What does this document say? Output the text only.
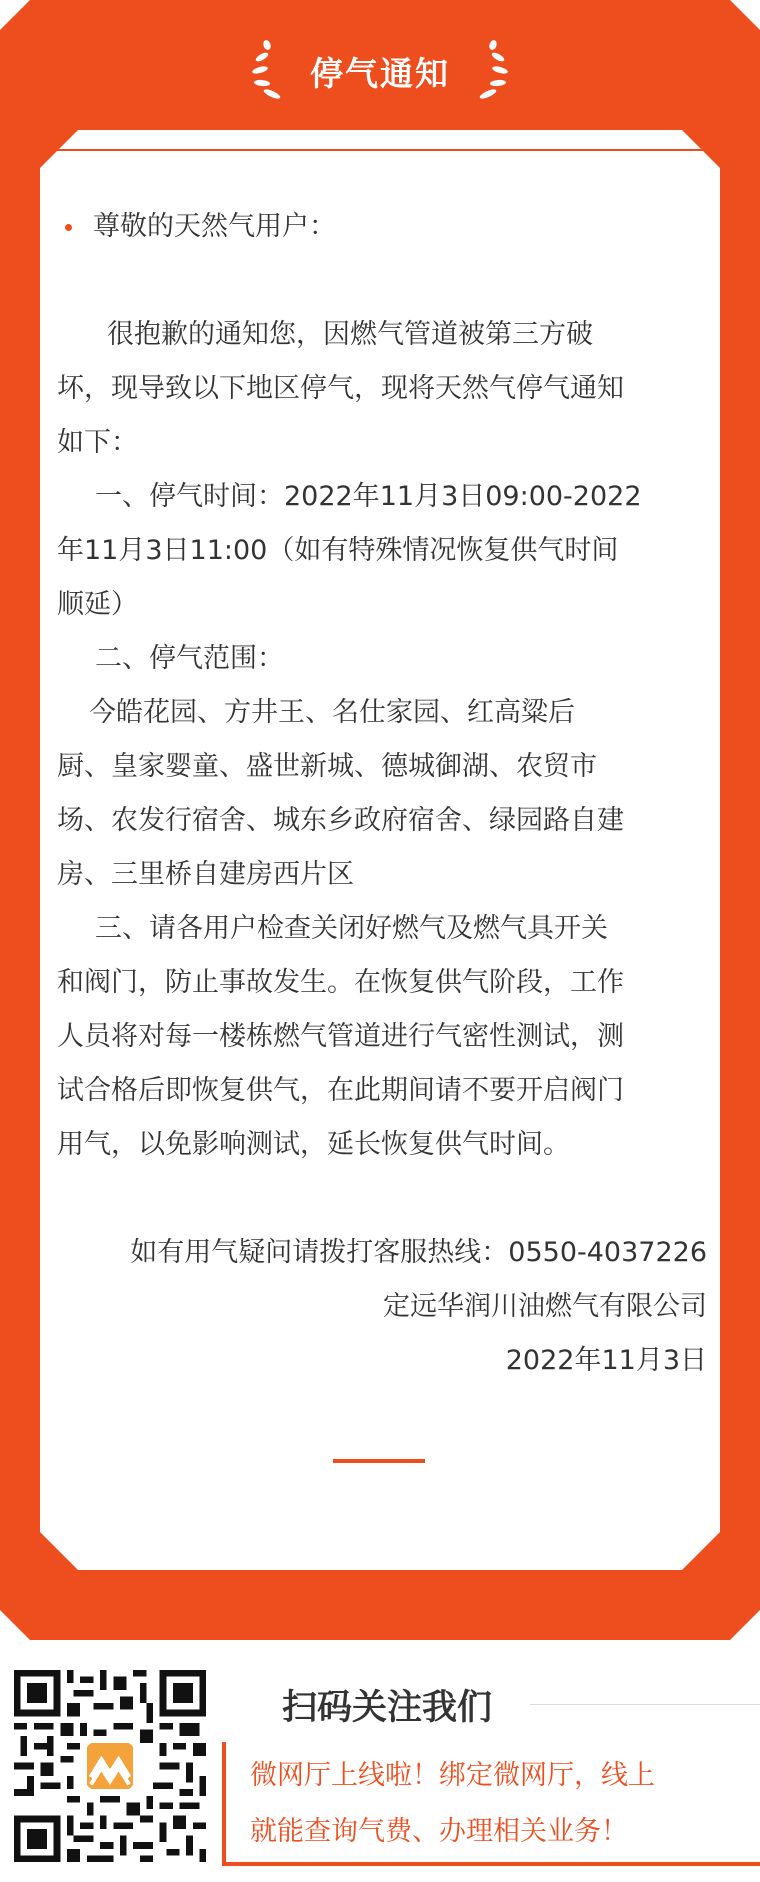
停气通知

尊敬的天然气用户：

很抱歉的通知您，因燃气管道被第三方破

坏，现导致以下地区停气，现将天然气停气通知

如下：

一、停气时间：2022年11月3日09:00-2022

年11月3日11:00（如有特殊情况恢复供气时间

顺延）

二、停气范围：

今皓花园、方井王、名仕家园、红高粱后

厨、皇家婴童、盛世新城、德城御湖、农贸市

场、农发行宿舍、城东乡政府宿舍、绿园路自建

房、三里桥自建房西片区

三、请各用户检查关闭好燃气及燃气具开关

和阀门，防止事故发生。在恢复供气阶段，工作

人员将对每一楼栋燃气管道进行气密性测试，测

试合格后即恢复供气，在此期间请不要开启阀门

用气，以免影响测试，延长恢复供气时间。

如有用气疑问请拨打客服热线：0550-4037226

定远华润川油燃气有限公司

2022年11月3日

扫码关注我们
微网厅上线啦！绑定微网厅，线上
就能查询气费、办理相关业务！
